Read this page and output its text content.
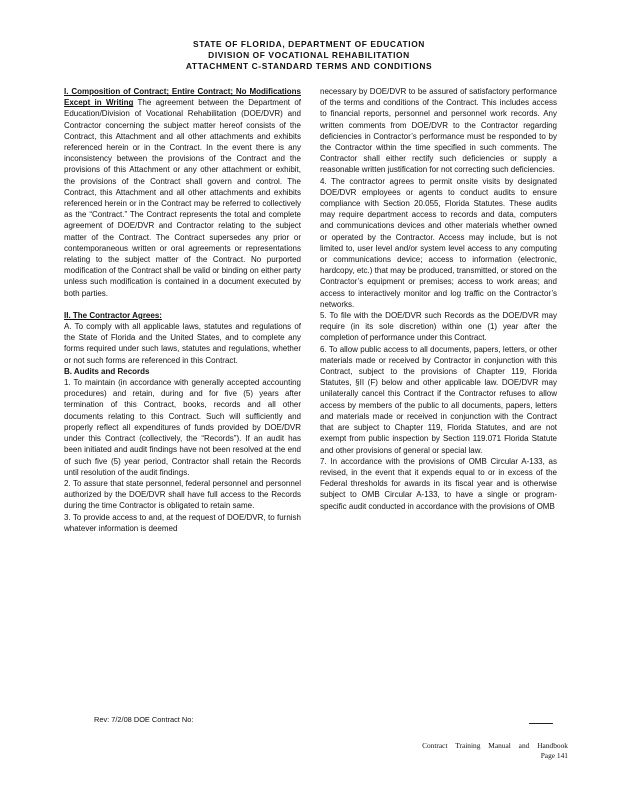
STATE OF FLORIDA, DEPARTMENT OF EDUCATION
DIVISION OF VOCATIONAL REHABILITATION
ATTACHMENT C-STANDARD TERMS AND CONDITIONS

I. Composition of Contract; Entire Contract; No Modifications Except in Writing The agreement between the Department of Education/Division of Vocational Rehabilitation (DOE/DVR) and Contractor concerning the subject matter hereof consists of the Contract, this Attachment and all other attachments and exhibits referenced herein or in the Contract. In the event there is any inconsistency between the provisions of the Contract and the provisions of this Attachment or any other attachment or exhibit, the provisions of the Contract shall govern and control. The Contract, this Attachment and all other attachments and exhibits referenced herein or in the Contract may be referred to collectively as the “Contract.” The Contract represents the total and complete agreement of DOE/DVR and Contractor relating to the subject matter of the Contract. The Contract supersedes any prior or contemporaneous written or oral agreements or representations relating to the subject matter of the Contract. No purported modification of the Contract shall be valid or binding on either party unless such modification is contained in a document executed by both parties.

II. The Contractor Agrees:

A. To comply with all applicable laws, statutes and regulations of the State of Florida and the United States, and to complete any forms required under such laws, statutes and regulations, whether or not such forms are referenced in this Contract.

B. Audits and Records

1. To maintain (in accordance with generally accepted accounting procedures) and retain, during and for five (5) years after termination of this Contract, books, records and all other documents relating to this Contract. Such will sufficiently and properly reflect all expenditures of funds provided by DOE/DVR under this Contract (collectively, the “Records”). If an audit has been initiated and audit findings have not been resolved at the end of such five (5) year period, Contractor shall retain the Records until resolution of the audit findings.

2. To assure that state personnel, federal personnel and personnel authorized by the DOE/DVR shall have full access to the Records during the time Contractor is obligated to retain same.

3. To provide access to and, at the request of DOE/DVR, to furnish whatever information is deemed

necessary by DOE/DVR to be assured of satisfactory performance of the terms and conditions of the Contract. This includes access to financial reports, personnel and personnel work records. Any written comments from DOE/DVR to the Contractor regarding deficiencies in Contractor’s performance must be responded to by the Contractor within the time specified in such comments. The Contractor shall either rectify such deficiencies or supply a reasonable written justification for not correcting such deficiencies.

4. The contractor agrees to permit onsite visits by designated DOE/DVR employees or agents to conduct audits to ensure compliance with Section 20.055, Florida Statutes. These audits may require department access to records and data, computers and communications devices and other materials whether owned or operated by the Contractor. Access may include, but is not limited to, user level and/or system level access to any computing or communications device; access to information (electronic, hardcopy, etc.) that may be produced, transmitted, or stored on the Contractor’s equipment or premises; access to work areas; and access to interactively monitor and log traffic on the Contractor’s networks.

5. To file with the DOE/DVR such Records as the DOE/DVR may require (in its sole discretion) within one (1) year after the completion of performance under this Contract.

6. To allow public access to all documents, papers, letters, or other materials made or received by Contractor in conjunction with this Contract, subject to the provisions of Chapter 119, Florida Statutes, §II (F) below and other applicable law. DOE/DVR may unilaterally cancel this Contract if the Contractor refuses to allow access by members of the public to all documents, papers, letters and materials made or received in conjunction with the Contract that are subject to Chapter 119, Florida Statutes, and are not exempt from public inspection by Section 119.071 Florida Statute and other provisions of general or special law.

7. In accordance with the provisions of OMB Circular A-133, as revised, in the event that it expends equal to or in excess of the Federal thresholds for awards in its fiscal year and is otherwise subject to OMB Circular A-133, to have a single or program-specific audit conducted in accordance with the provisions of OMB

Rev: 7/2/08 DOE Contract No:
Contract Training Manual and Handbook
Page 141
